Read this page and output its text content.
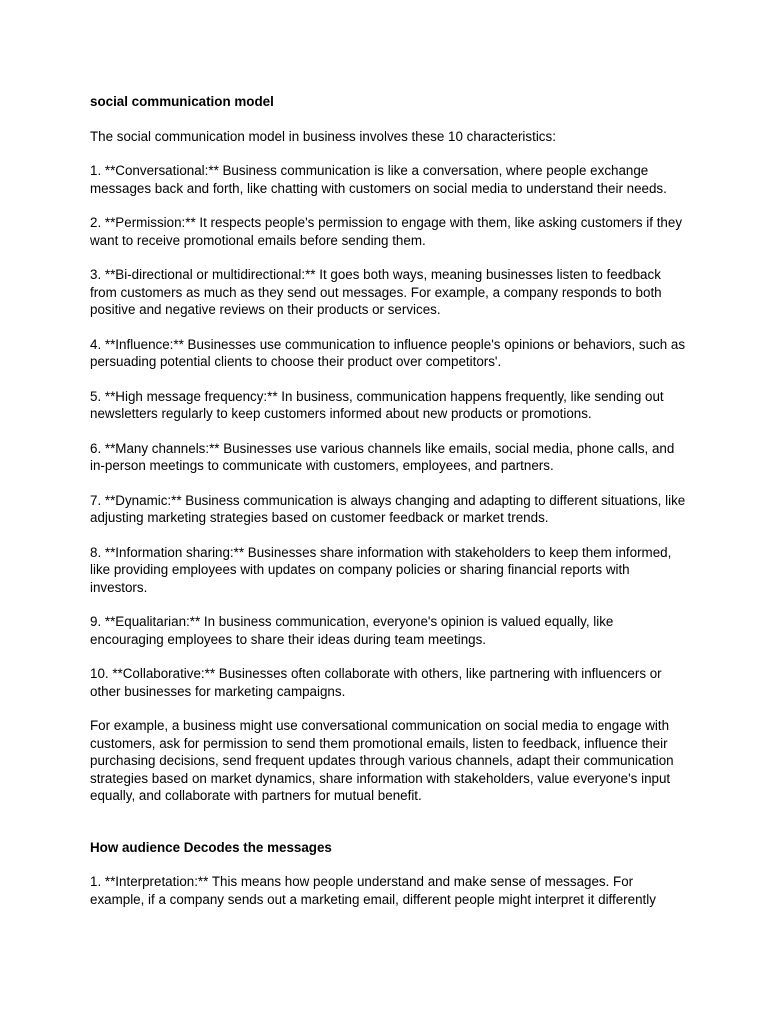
social communication model

The social communication model in business involves these 10 characteristics:

1. **Conversational:** Business communication is like a conversation, where people exchange messages back and forth, like chatting with customers on social media to understand their needs.

2. **Permission:** It respects people's permission to engage with them, like asking customers if they want to receive promotional emails before sending them.

3. **Bi-directional or multidirectional:** It goes both ways, meaning businesses listen to feedback from customers as much as they send out messages. For example, a company responds to both positive and negative reviews on their products or services.

4. **Influence:** Businesses use communication to influence people's opinions or behaviors, such as persuading potential clients to choose their product over competitors'.

5. **High message frequency:** In business, communication happens frequently, like sending out newsletters regularly to keep customers informed about new products or promotions.

6. **Many channels:** Businesses use various channels like emails, social media, phone calls, and in-person meetings to communicate with customers, employees, and partners.

7. **Dynamic:** Business communication is always changing and adapting to different situations, like adjusting marketing strategies based on customer feedback or market trends.

8. **Information sharing:** Businesses share information with stakeholders to keep them informed, like providing employees with updates on company policies or sharing financial reports with investors.

9. **Equalitarian:** In business communication, everyone's opinion is valued equally, like encouraging employees to share their ideas during team meetings.

10. **Collaborative:** Businesses often collaborate with others, like partnering with influencers or other businesses for marketing campaigns.

For example, a business might use conversational communication on social media to engage with customers, ask for permission to send them promotional emails, listen to feedback, influence their purchasing decisions, send frequent updates through various channels, adapt their communication strategies based on market dynamics, share information with stakeholders, value everyone's input equally, and collaborate with partners for mutual benefit.

How audience Decodes the messages

1. **Interpretation:** This means how people understand and make sense of messages. For example, if a company sends out a marketing email, different people might interpret it differently
